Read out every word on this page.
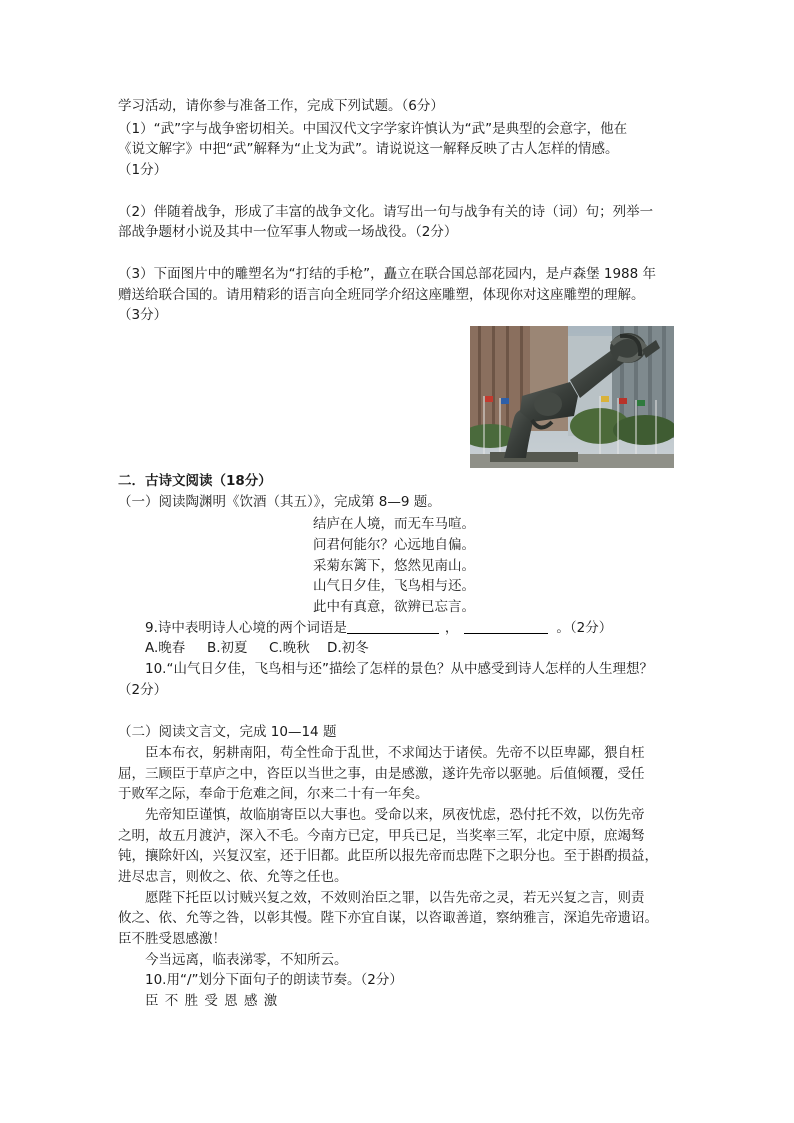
学习活动，请你参与准备工作，完成下列试题。（6分）
（1）“武”字与战争密切相关。中国汉代文字学家许慎认为“武”是典型的会意字，他在
《说文解字》中把“武”解释为“止戈为武”。请说说这一解释反映了古人怎样的情感。
（1分）
（2）伴随着战争，形成了丰富的战争文化。请写出一句与战争有关的诗（词）句；列举一
部战争题材小说及其中一位军事人物或一场战役。（2分）
（3）下面图片中的雕塑名为“打结的手枪”，矗立在联合国总部花园内，是卢森堡 1988 年
赠送给联合国的。请用精彩的语言向全班同学介绍这座雕塑，体现你对这座雕塑的理解。
（3分）
二．古诗文阅读（18分）
（一）阅读陶渊明《饮酒（其五）》，完成第 8—9 题。
结庐在人境，而无车马喧。
问君何能尔？心远地自偏。
采菊东篱下，悠然见南山。
山气日夕佳，飞鸟相与还。
此中有真意，欲辨已忘言。
9.诗中表明诗人心境的两个词语是	，	。（2分）
A.晚春 B.初夏 C.晚秋 D.初冬
10.“山气日夕佳，飞鸟相与还”描绘了怎样的景色？从中感受到诗人怎样的人生理想？
（2分）
（二）阅读文言文，完成 10—14 题
臣本布衣，躬耕南阳，苟全性命于乱世，不求闻达于诸侯。先帝不以臣卑鄙，猥自枉
屈，三顾臣于草庐之中，咨臣以当世之事，由是感激，遂许先帝以驱驰。后值倾覆，受任
于败军之际，奉命于危难之间，尔来二十有一年矣。
先帝知臣谨慎，故临崩寄臣以大事也。受命以来，夙夜忧虑，恐付托不效，以伤先帝
之明，故五月渡泸，深入不毛。今南方已定，甲兵已足，当奖率三军，北定中原，庶竭驽
钝，攘除奸凶，兴复汉室，还于旧都。此臣所以报先帝而忠陛下之职分也。至于斟酌损益，
进尽忠言，则攸之、依、允等之任也。
愿陛下托臣以讨贼兴复之效，不效则治臣之罪，以告先帝之灵，若无兴复之言，则责
攸之、依、允等之咎，以彰其慢。陛下亦宜自谋，以咨诹善道，察纳雅言，深追先帝遗诏。
臣不胜受恩感激！
今当远离，临表涕零，不知所云。
10.用“/”划分下面句子的朗读节奏。（2分）
臣 不 胜 受 恩 感 激
